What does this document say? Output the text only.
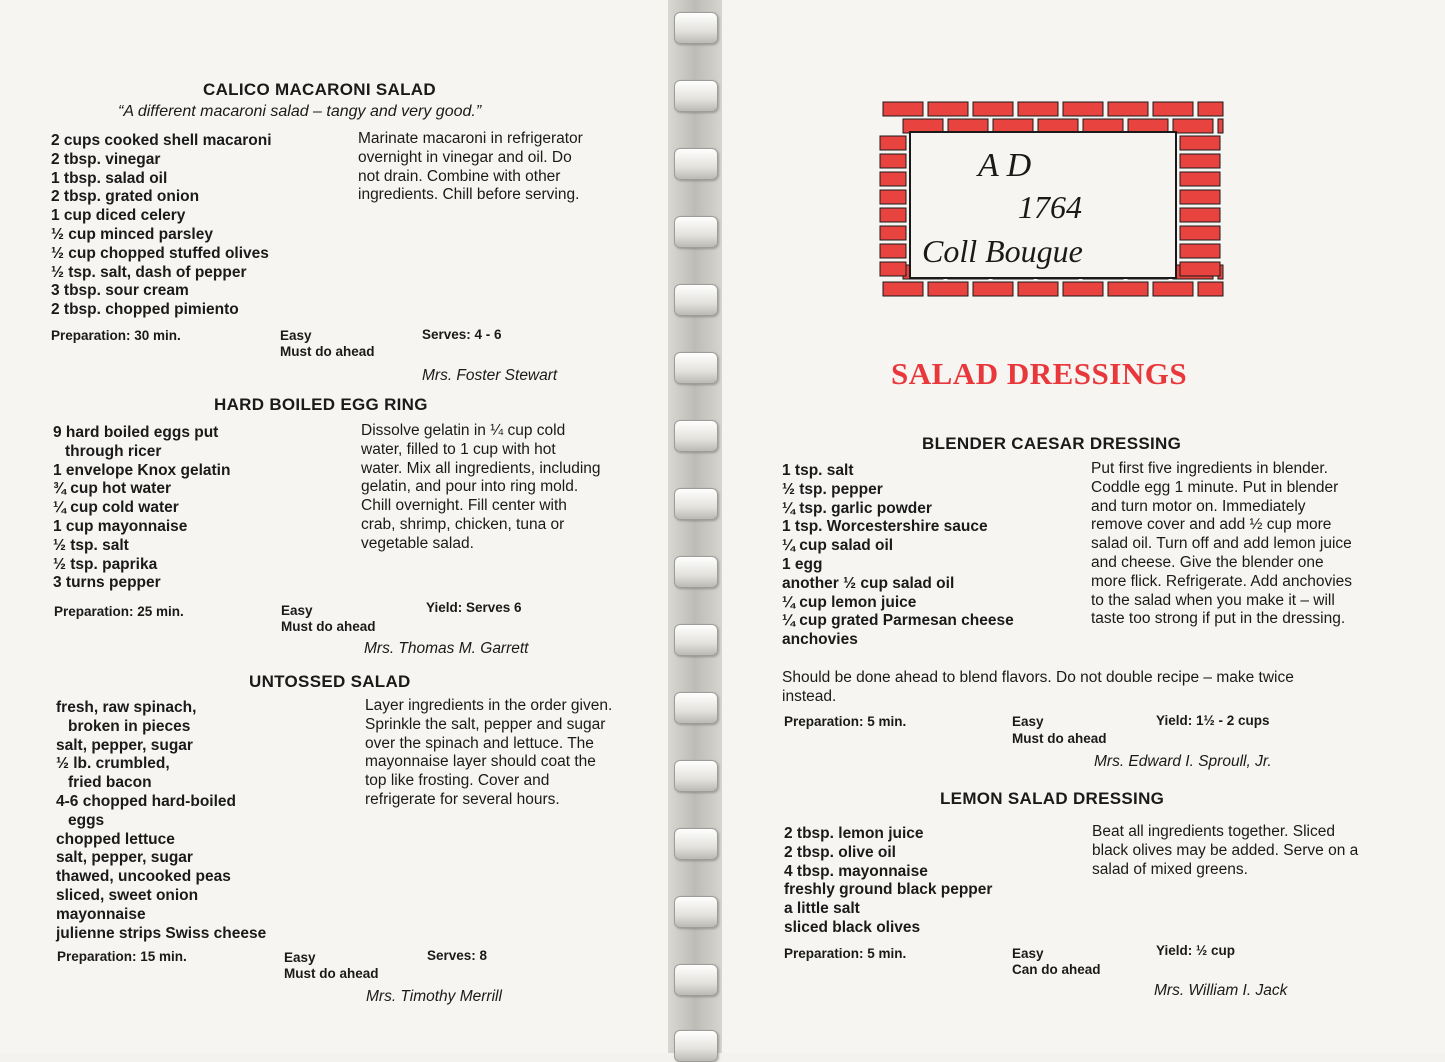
CALICO MACARONI SALAD
“A different macaroni salad – tangy and very good.”
2 cups cooked shell macaroni
2 tbsp. vinegar
1 tbsp. salad oil
2 tbsp. grated onion
1 cup diced celery
½ cup minced parsley
½ cup chopped stuffed olives
½ tsp. salt, dash of pepper
3 tbsp. sour cream
2 tbsp. chopped pimiento
Marinate macaroni in refrigerator overnight in vinegar and oil. Do not drain. Combine with other ingredients. Chill before serving.
Preparation: 30 min.	Easy
Must do ahead
Serves: 4 - 6
Mrs. Foster Stewart
HARD BOILED EGG RING
9 hard boiled eggs put
through ricer
1 envelope Knox gelatin
¾ cup hot water
¼ cup cold water
1 cup mayonnaise
½ tsp. salt
½ tsp. paprika
3 turns pepper
Dissolve gelatin in ¼ cup cold water, filled to 1 cup with hot water. Mix all ingredients, including gelatin, and pour into ring mold. Chill overnight. Fill center with crab, shrimp, chicken, tuna or vegetable salad.
Preparation: 25 min.	Easy
Must do ahead
Yield: Serves 6
Mrs. Thomas M. Garrett
UNTOSSED SALAD
fresh, raw spinach,
broken in pieces
salt, pepper, sugar
½ lb. crumbled,
fried bacon
4-6 chopped hard-boiled
eggs
chopped lettuce
salt, pepper, sugar
thawed, uncooked peas
sliced, sweet onion
mayonnaise
julienne strips Swiss cheese
Layer ingredients in the order given. Sprinkle the salt, pepper and sugar over the spinach and lettuce. The mayonnaise layer should coat the top like frosting. Cover and refrigerate for several hours.
Preparation: 15 min.	Easy
Must do ahead
Serves: 8
Mrs. Timothy Merrill
A D
1764
Coll Bougue
SALAD DRESSINGS
BLENDER CAESAR DRESSING
1 tsp. salt
½ tsp. pepper
¼ tsp. garlic powder
1 tsp. Worcestershire sauce
¼ cup salad oil
1 egg
another ½ cup salad oil
¼ cup lemon juice
¼ cup grated Parmesan cheese
anchovies
Put first five ingredients in blender. Coddle egg 1 minute. Put in blender and turn motor on. Immediately remove cover and add ½ cup more salad oil. Turn off and add lemon juice and cheese. Give the blender one more flick. Refrigerate. Add anchovies to the salad when you make it – will taste too strong if put in the dressing.
Should be done ahead to blend flavors. Do not double recipe – make twice instead.
Preparation: 5 min.	Easy
Must do ahead
Yield: 1½ - 2 cups
Mrs. Edward I. Sproull, Jr.
LEMON SALAD DRESSING
2 tbsp. lemon juice
2 tbsp. olive oil
4 tbsp. mayonnaise
freshly ground black pepper
a little salt
sliced black olives
Beat all ingredients together. Sliced black olives may be added. Serve on a salad of mixed greens.
Preparation: 5 min.	Easy
Can do ahead
Yield: ½ cup
Mrs. William I. Jack
